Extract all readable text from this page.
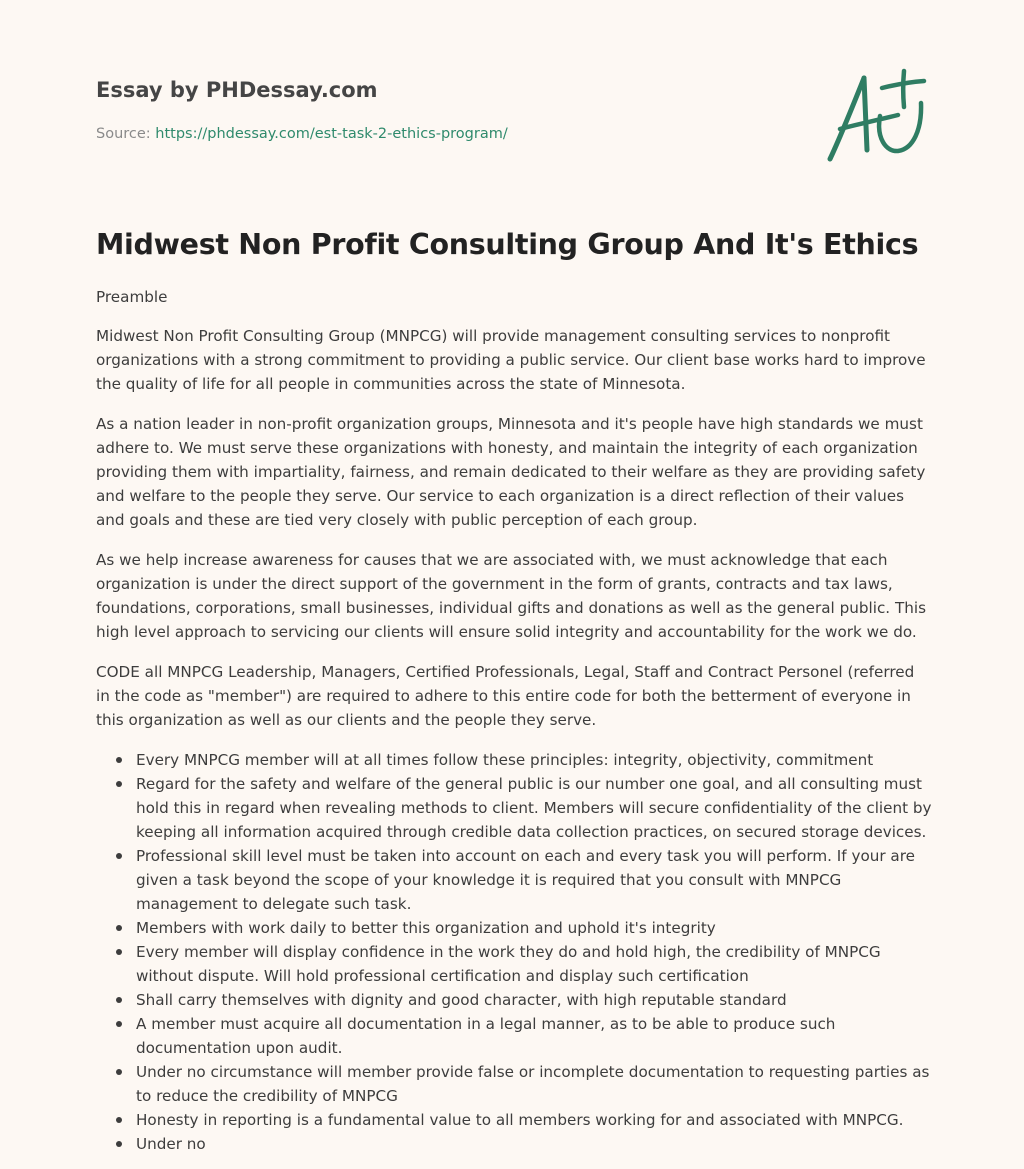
Essay by PHDessay.com
Source: https://phdessay.com/est-task-2-ethics-program/
Midwest Non Profit Consulting Group And It's Ethics

Preamble

Midwest Non Profit Consulting Group (MNPCG) will provide management consulting services to nonprofit organizations with a strong commitment to providing a public service. Our client base works hard to improve the quality of life for all people in communities across the state of Minnesota.

As a nation leader in non-profit organization groups, Minnesota and it's people have high standards we must adhere to. We must serve these organizations with honesty, and maintain the integrity of each organization providing them with impartiality, fairness, and remain dedicated to their welfare as they are providing safety and welfare to the people they serve. Our service to each organization is a direct reflection of their values and goals and these are tied very closely with public perception of each group.

As we help increase awareness for causes that we are associated with, we must acknowledge that each organization is under the direct support of the government in the form of grants, contracts and tax laws, foundations, corporations, small businesses, individual gifts and donations as well as the general public. This high level approach to servicing our clients will ensure solid integrity and accountability for the work we do.

CODE all MNPCG Leadership, Managers, Certified Professionals, Legal, Staff and Contract Personel (referred in the code as "member") are required to adhere to this entire code for both the betterment of everyone in this organization as well as our clients and the people they serve.

Every MNPCG member will at all times follow these principles: integrity, objectivity, commitment
Regard for the safety and welfare of the general public is our number one goal, and all consulting must hold this in regard when revealing methods to client. Members will secure confidentiality of the client by keeping all information acquired through credible data collection practices, on secured storage devices.
Professional skill level must be taken into account on each and every task you will perform. If your are given a task beyond the scope of your knowledge it is required that you consult with MNPCG management to delegate such task.
Members with work daily to better this organization and uphold it's integrity
Every member will display confidence in the work they do and hold high, the credibility of MNPCG without dispute. Will hold professional certification and display such certification
Shall carry themselves with dignity and good character, with high reputable standard
A member must acquire all documentation in a legal manner, as to be able to produce such documentation upon audit.
Under no circumstance will member provide false or incomplete documentation to requesting parties as to reduce the credibility of MNPCG
Honesty in reporting is a fundamental value to all members working for and associated with MNPCG.
Under no
